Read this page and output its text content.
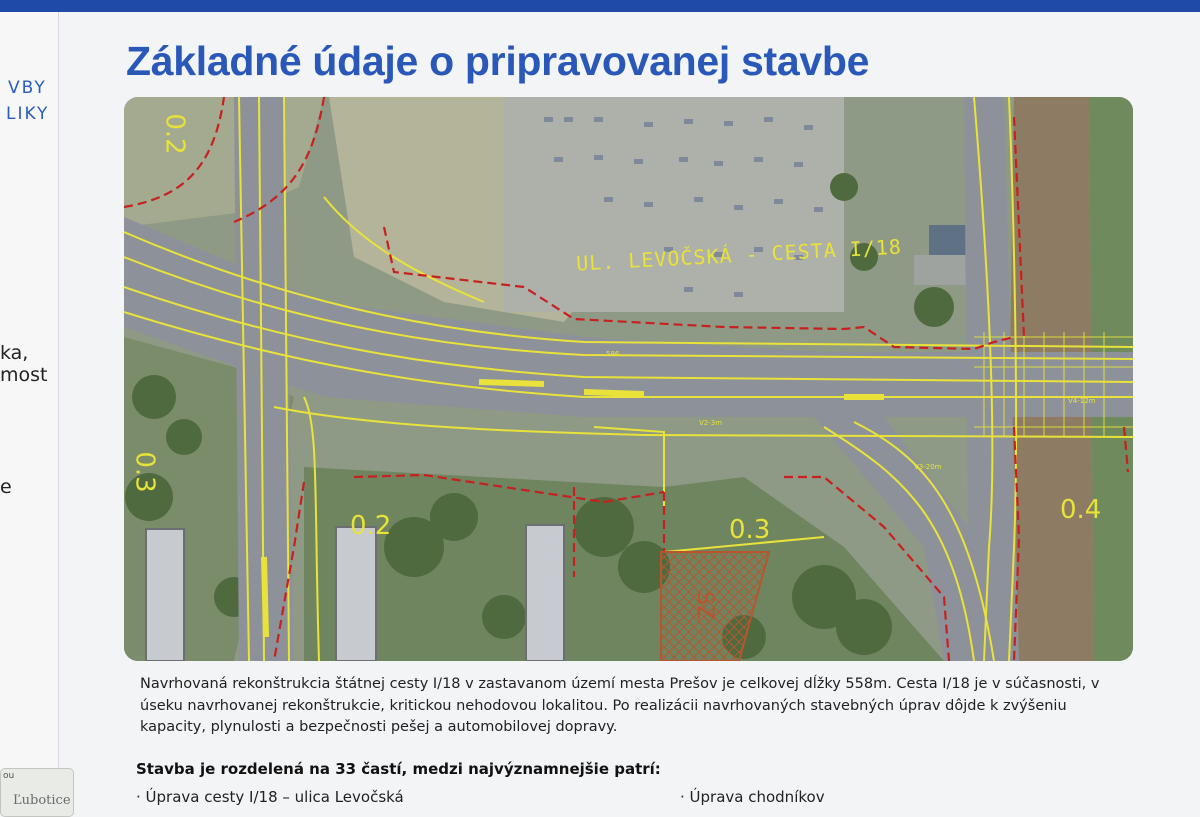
VBY
LIKY
ka, most
e
Základné údaje o pripravovanej stavbe
UL. LEVOČSKÁ - CESTA I/18
0.2
0.3
0.2	0.3
0.4
SZ
V2-3m
V3-20m
V4-12m
586

Navrhovaná rekonštrukcia štátnej cesty I/18 v zastavanom území mesta Prešov je celkovej dĺžky 558m. Cesta I/18 je v súčasnosti, v úseku navrhovanej rekonštrukcie, kritickou nehodovou lokalitou. Po realizácii navrhovaných stavebných úprav dôjde k zvýšeniu kapacity, plynulosti a bezpečnosti pešej a automobilovej dopravy.

Stavba je rozdelená na 33 častí, medzi najvýznamnejšie patrí:

· Úprava cesty I/18 – ulica Levočská	· Úprava chodníkov

ou
Ľubotice
